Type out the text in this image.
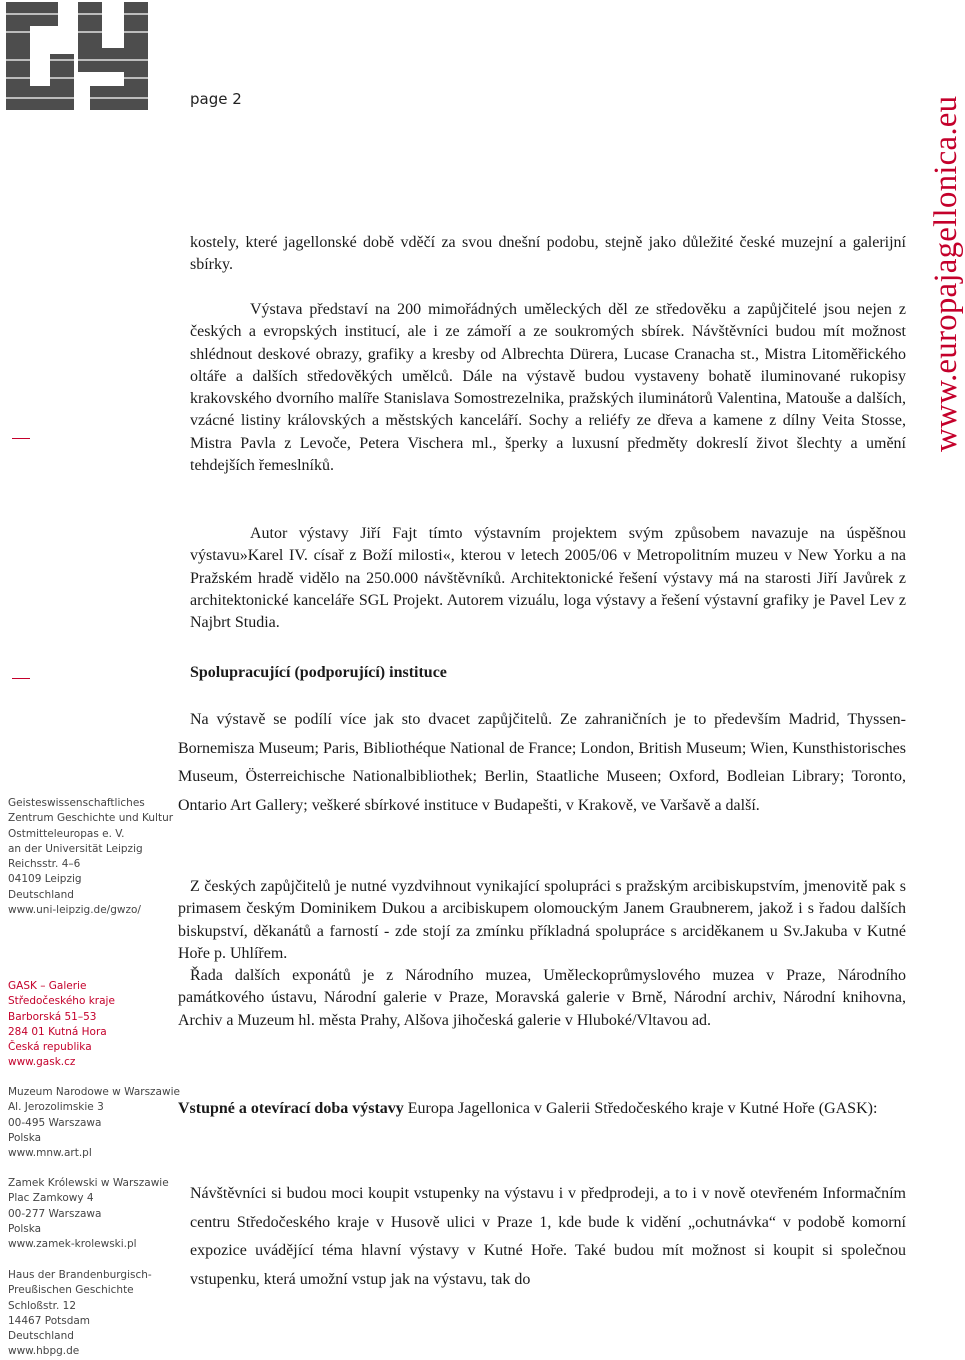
page 2	www.europajagellonica.eu

kostely, které jagellonské době vděčí za svou dnešní podobu, stejně jako důležité české muzejní a galerijní sbírky.

Výstava představí na 200 mimořádných uměleckých děl ze středověku a zapůjčitelé jsou nejen z českých a evropských institucí, ale i ze zámoří a ze soukromých sbírek. Návštěvníci budou mít možnost shlédnout deskové obrazy, grafiky a kresby od Albrechta Dürera, Lucase Cranacha st., Mistra Litoměřického oltáře a dalších středověkých umělců. Dále na výstavě budou vystaveny bohatě iluminované rukopisy krakovského dvorního malíře Stanislava Somostrezelnika, pražských iluminátorů Valentina, Matouše a dalších, vzácné listiny královských a městských kanceláří. Sochy a reliéfy ze dřeva a kamene z dílny Veita Stosse, Mistra Pavla z Levoče, Petera Vischera ml., šperky a luxusní předměty dokreslí život šlechty a umění tehdejších řemeslníků.

Autor výstavy Jiří Fajt tímto výstavním projektem svým způsobem navazuje na úspěšnou výstavu»Karel IV. císař z Boží milosti«, kterou v letech 2005/06 v Metropolitním muzeu v New Yorku a na Pražském hradě vidělo na 250.000 návštěvníků. Architektonické řešení výstavy má na starosti Jiří Javůrek z architektonické kanceláře SGL Projekt. Autorem vizuálu, loga výstavy a řešení výstavní grafiky je Pavel Lev z Najbrt Studia.

Spolupracující (podporující) instituce

Na výstavě se podílí více jak sto dvacet zapůjčitelů. Ze zahraničních je to především Madrid, Thyssen-Bornemisza Museum; Paris, Bibliothéque National de France; London, British Museum; Wien, Kunsthistorisches Museum, Österreichische Nationalbibliothek; Berlin, Staatliche Museen; Oxford, Bodleian Library; Toronto, Ontario Art Gallery; veškeré sbírkové instituce v Budapešti, v Krakově, ve Varšavě a další.

Z českých zapůjčitelů je nutné vyzdvihnout vynikající spolupráci s pražským arcibiskupstvím, jmenovitě pak s primasem českým Dominikem Dukou a arcibiskupem olomouckým Janem Graubnerem, jakož i s řadou dalších biskupství, děkanátů a farností - zde stojí za zmínku příkladná spolupráce s arciděkanem u Sv.Jakuba v Kutné Hoře p. Uhlířem.

Řada dalších exponátů je z Národního muzea, Uměleckoprůmyslového muzea v Praze, Národního památkového ústavu, Národní galerie v Praze, Moravská galerie v Brně, Národní archiv, Národní knihovna, Archiv a Muzeum hl. města Prahy, Alšova jihočeská galerie v Hluboké/Vltavou ad.

Vstupné a otevírací doba výstavy Europa Jagellonica v Galerii Středočeského kraje v Kutné Hoře (GASK):

Návštěvníci si budou moci koupit vstupenky na výstavu i v předprodeji, a to i v nově otevřeném Informačním centru Středočeského kraje v Husově ulici v Praze 1, kde bude k vidění „ochutnávka“ v podobě komorní expozice uvádějící téma hlavní výstavy v Kutné Hoře. Také budou mít možnost si koupit si společnou vstupenku, která umožní vstup jak na výstavu, tak do

Geisteswissenschaftliches
Zentrum Geschichte und Kultur
Ostmitteleuropas e. V.
an der Universität Leipzig
Reichsstr. 4–6
04109 Leipzig
Deutschland
www.uni-leipzig.de/gwzo/
GASK – Galerie
Středočeského kraje
Barborská 51–53
284 01 Kutná Hora
Česká republika
www.gask.cz
Muzeum Narodowe w Warszawie
Al. Jerozolimskie 3
00-495 Warszawa
Polska
www.mnw.art.pl
Zamek Królewski w Warszawie
Plac Zamkowy 4
00-277 Warszawa
Polska
www.zamek-krolewski.pl
Haus der Brandenburgisch-
Preußischen Geschichte
Schloßstr. 12
14467 Potsdam
Deutschland
www.hbpg.de
